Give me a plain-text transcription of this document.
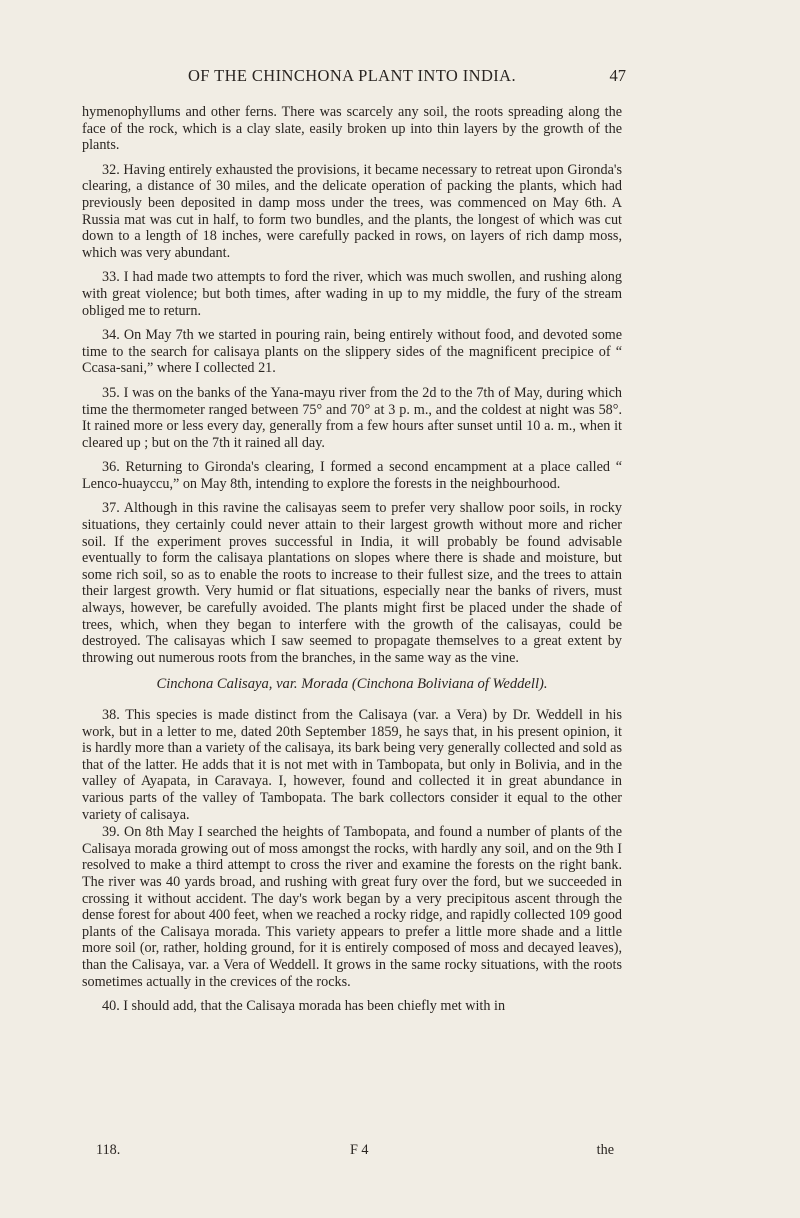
OF THE CHINCHONA PLANT INTO INDIA.	47

hymenophyllums and other ferns. There was scarcely any soil, the roots spreading along the face of the rock, which is a clay slate, easily broken up into thin layers by the growth of the plants.

32. Having entirely exhausted the provisions, it became necessary to retreat upon Gironda's clearing, a distance of 30 miles, and the delicate operation of packing the plants, which had previously been deposited in damp moss under the trees, was commenced on May 6th. A Russia mat was cut in half, to form two bundles, and the plants, the longest of which was cut down to a length of 18 inches, were carefully packed in rows, on layers of rich damp moss, which was very abundant.

33. I had made two attempts to ford the river, which was much swollen, and rushing along with great violence; but both times, after wading in up to my middle, the fury of the stream obliged me to return.

34. On May 7th we started in pouring rain, being entirely without food, and devoted some time to the search for calisaya plants on the slippery sides of the magnificent precipice of “ Ccasa-sani,” where I collected 21.

35. I was on the banks of the Yana-mayu river from the 2d to the 7th of May, during which time the thermometer ranged between 75° and 70° at 3 p. m., and the coldest at night was 58°. It rained more or less every day, generally from a few hours after sunset until 10 a. m., when it cleared up ; but on the 7th it rained all day.

36. Returning to Gironda's clearing, I formed a second encampment at a place called “ Lenco-huayccu,” on May 8th, intending to explore the forests in the neighbourhood.

37. Although in this ravine the calisayas seem to prefer very shallow poor soils, in rocky situations, they certainly could never attain to their largest growth without more and richer soil. If the experiment proves successful in India, it will probably be found advisable eventually to form the calisaya plantations on slopes where there is shade and moisture, but some rich soil, so as to enable the roots to increase to their fullest size, and the trees to attain their largest growth. Very humid or flat situations, especially near the banks of rivers, must always, however, be carefully avoided. The plants might first be placed under the shade of trees, which, when they began to interfere with the growth of the calisayas, could be destroyed. The calisayas which I saw seemed to propagate themselves to a great extent by throwing out numerous roots from the branches, in the same way as the vine.

Cinchona Calisaya, var. Morada (Cinchona Boliviana of Weddell).

38. This species is made distinct from the Calisaya (var. a Vera) by Dr. Weddell in his work, but in a letter to me, dated 20th September 1859, he says that, in his present opinion, it is hardly more than a variety of the calisaya, its bark being very generally collected and sold as that of the latter. He adds that it is not met with in Tambopata, but only in Bolivia, and in the valley of Ayapata, in Caravaya. I, however, found and collected it in great abundance in various parts of the valley of Tambopata. The bark collectors consider it equal to the other variety of calisaya.

39. On 8th May I searched the heights of Tambopata, and found a number of plants of the Calisaya morada growing out of moss amongst the rocks, with hardly any soil, and on the 9th I resolved to make a third attempt to cross the river and examine the forests on the right bank. The river was 40 yards broad, and rushing with great fury over the ford, but we succeeded in crossing it without accident. The day's work began by a very precipitous ascent through the dense forest for about 400 feet, when we reached a rocky ridge, and rapidly collected 109 good plants of the Calisaya morada. This variety appears to prefer a little more shade and a little more soil (or, rather, holding ground, for it is entirely composed of moss and decayed leaves), than the Calisaya, var. a Vera of Weddell. It grows in the same rocky situations, with the roots sometimes actually in the crevices of the rocks.

40. I should add, that the Calisaya morada has been chiefly met with in

118.	F 4	the
